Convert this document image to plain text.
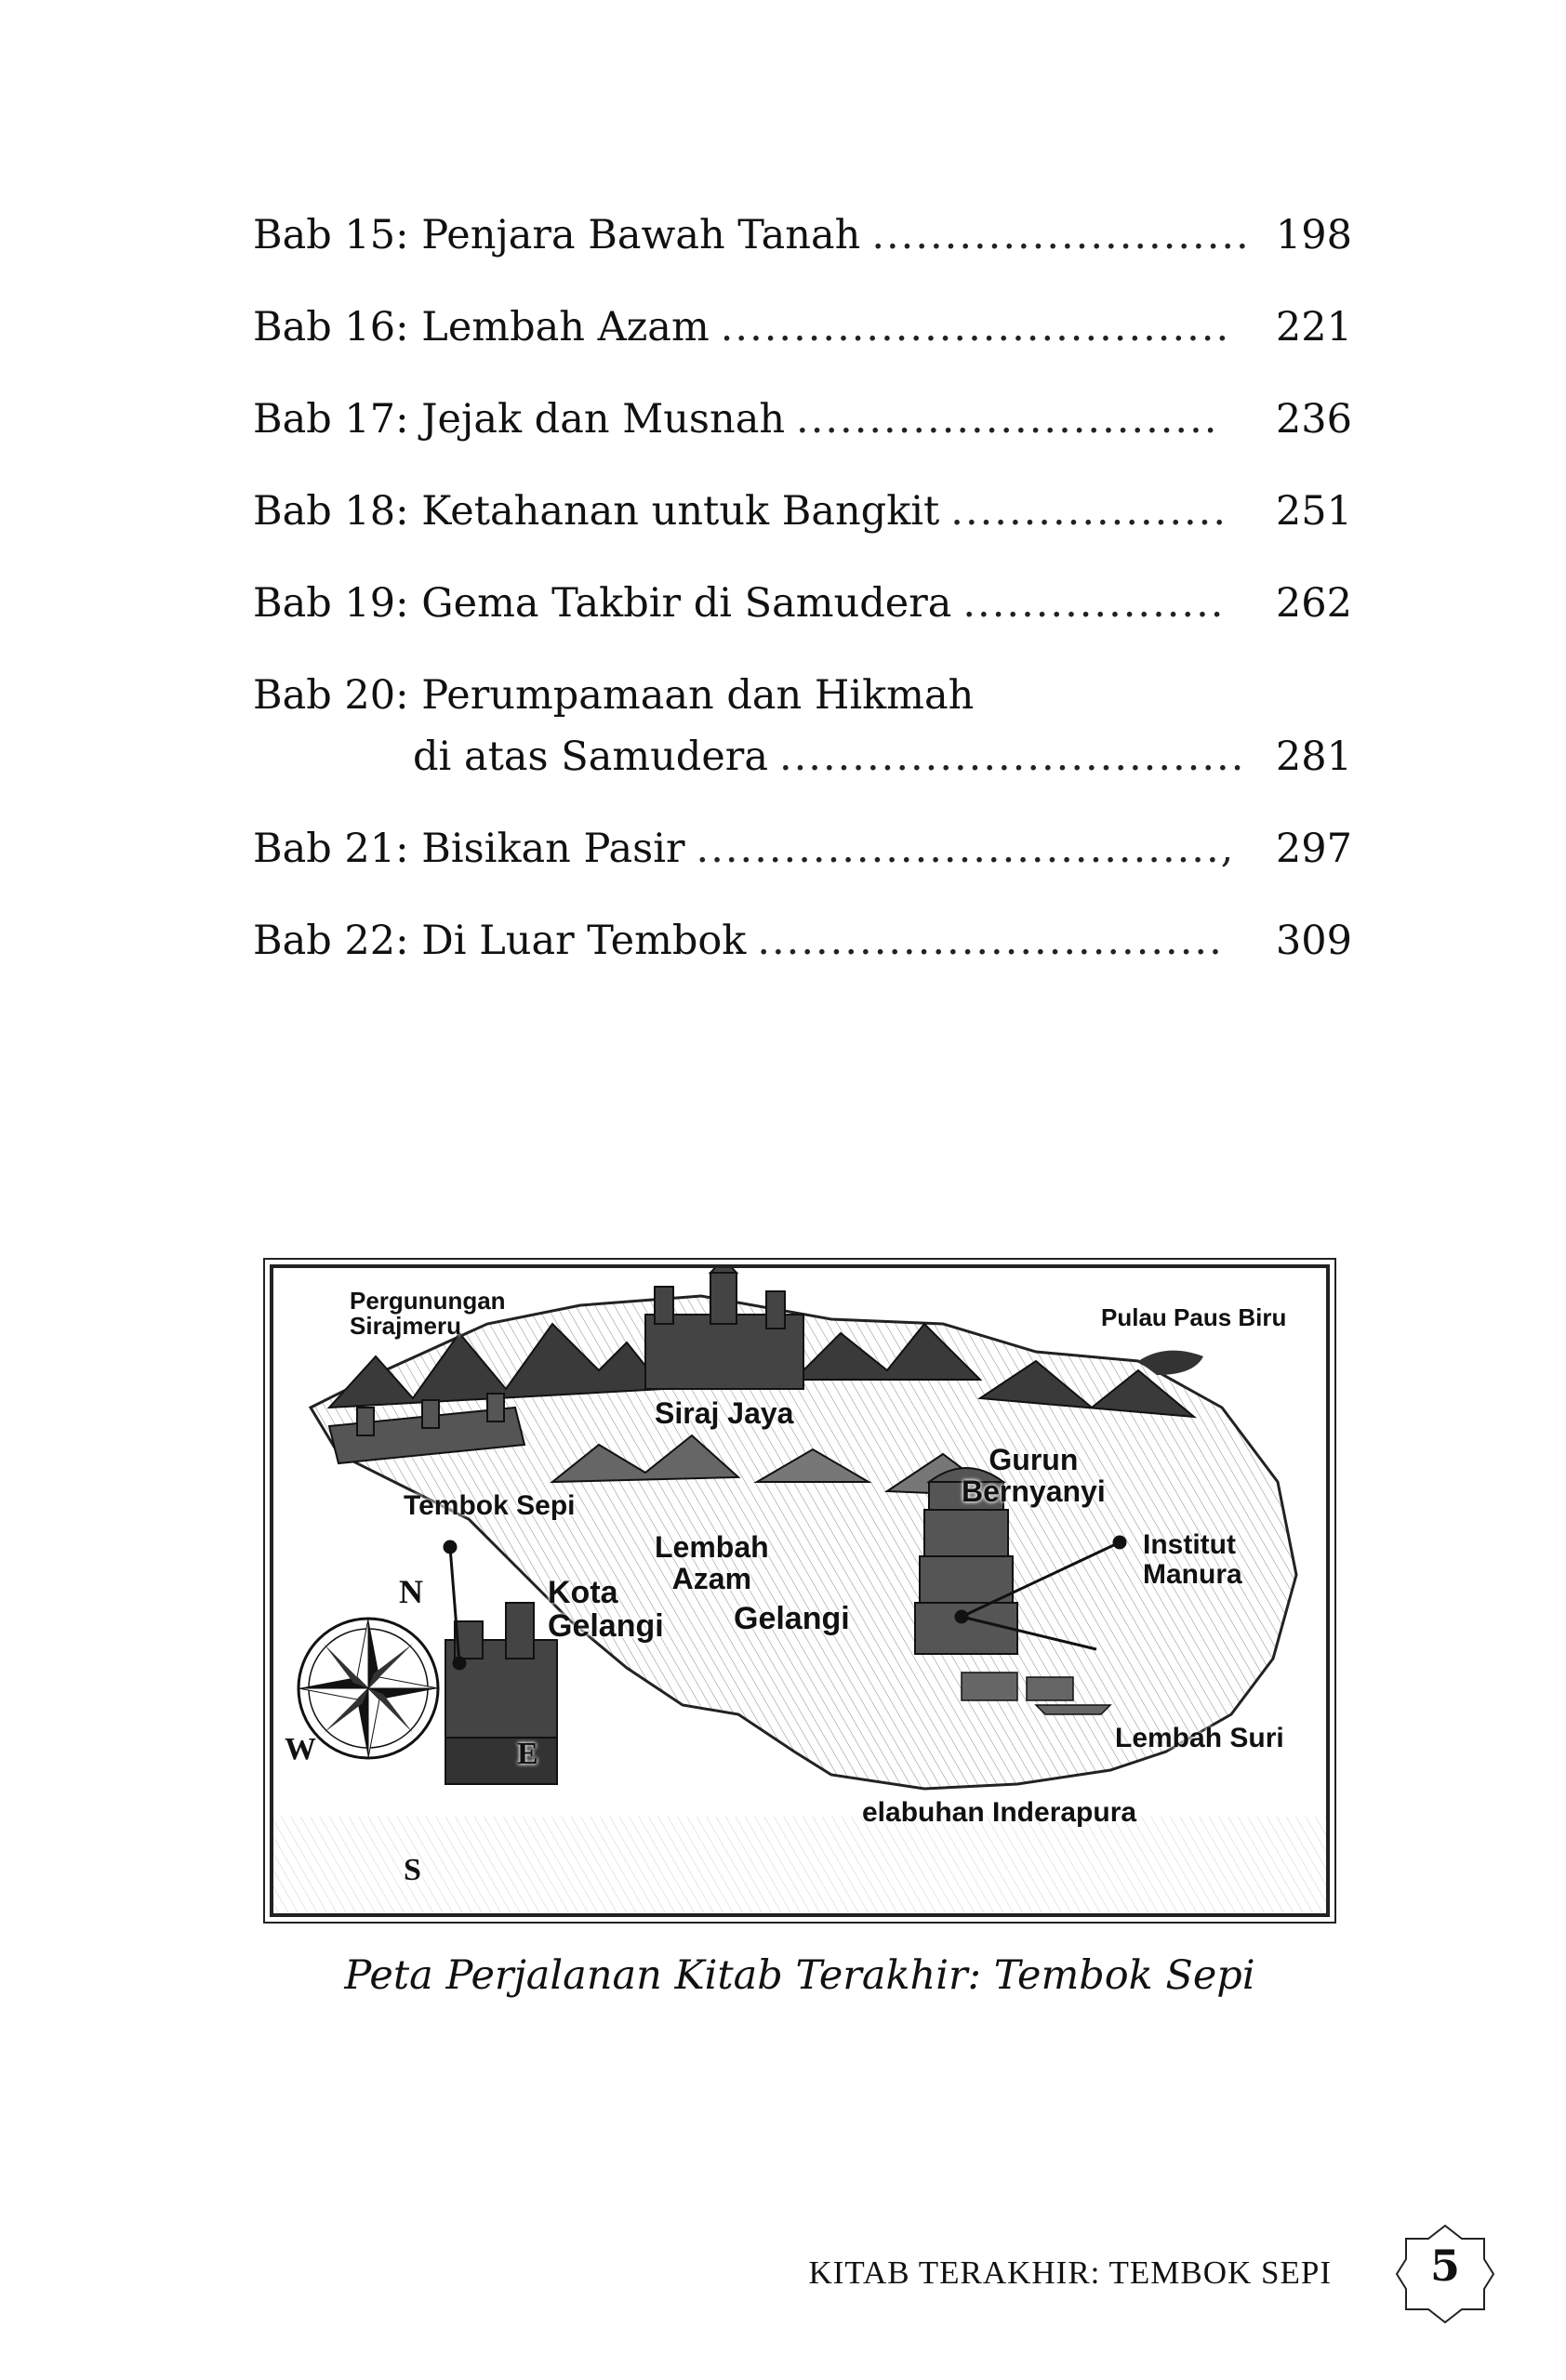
Bab 15: Penjara Bawah Tanah .......................... 198
Bab 16: Lembah Azam ...................................	221
Bab 17: Jejak dan Musnah .............................	236
Bab 18: Ketahanan untuk Bangkit ...................	251
Bab 19: Gema Takbir di Samudera ..................	262
Bab 20: Perumpamaan dan Hikmah
di atas Samudera ................................ 281
Bab 21: Bisikan Pasir ....................................,	297
Bab 22: Di Luar Tembok ................................	309
Pergunungan
Sirajmeru	Pulau Paus Biru
Siraj Jaya
Tembok Sepi
Gurun
Bernyanyi
Lembah
Azam
Institut
Manura
Kota
Gelangi Gelangi
Lembah Suri
elabuhan Inderapura
N
S
W	E
Peta Perjalanan Kitab Terakhir: Tembok Sepi
KITAB TERAKHIR: TEMBOK SEPI	5
